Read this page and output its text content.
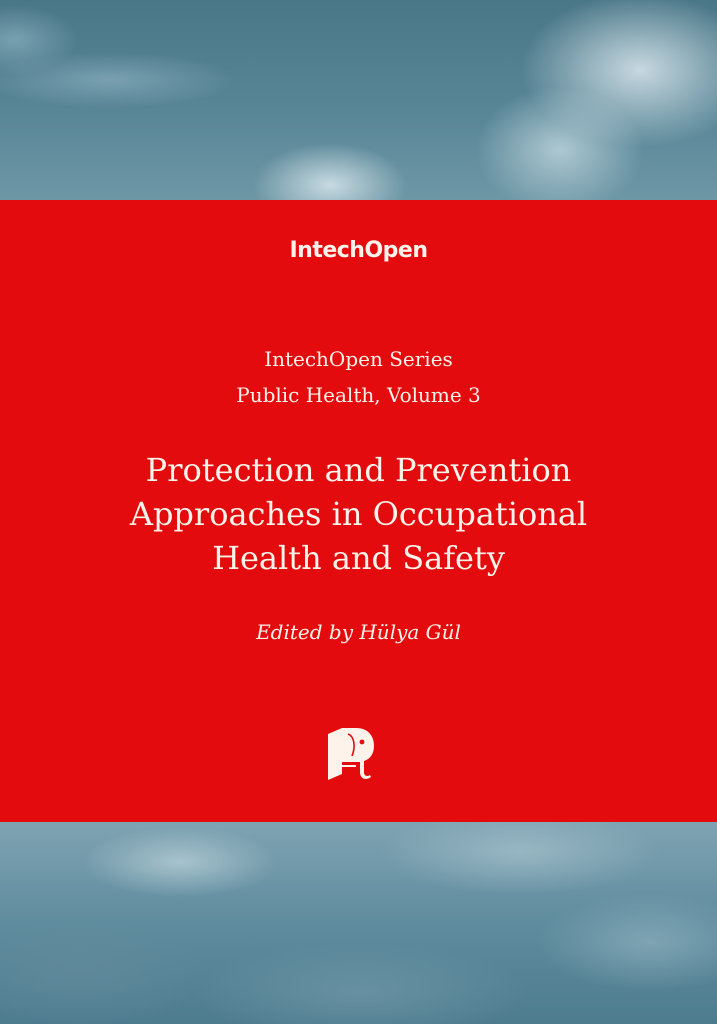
IntechOpen
IntechOpen Series
Public Health, Volume 3
Protection and Prevention
Approaches in Occupational
Health and Safety
Edited by Hülya Gül
